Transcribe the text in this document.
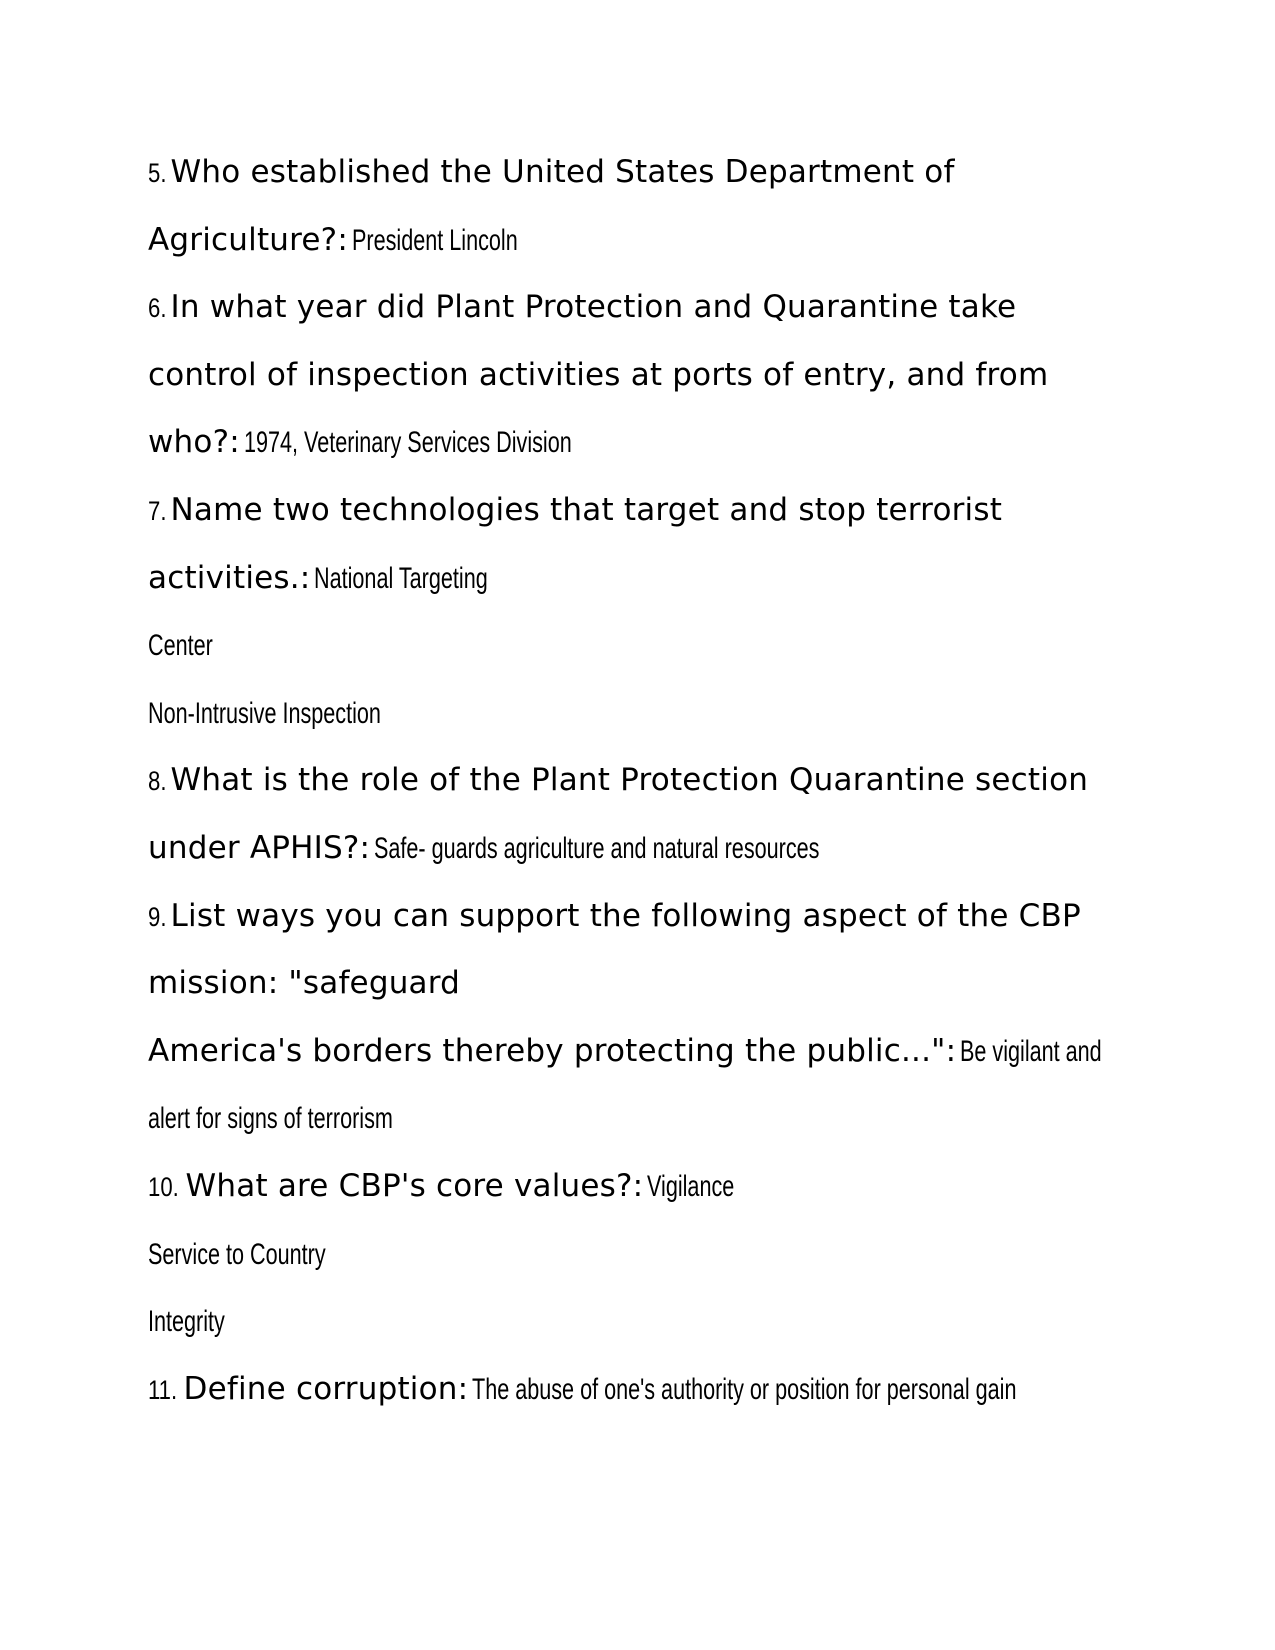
5. Who established the United States Department of
Agriculture?: President Lincoln
6. In what year did Plant Protection and Quarantine take
control of inspection activities at ports of entry, and from
who?: 1974, Veterinary Services Division
7. Name two technologies that target and stop terrorist
activities.: National Targeting
Center
Non-Intrusive Inspection
8. What is the role of the Plant Protection Quarantine section
under APHIS?: Safe- guards agriculture and natural resources
9. List ways you can support the following aspect of the CBP
mission: "safeguard
America's borders thereby protecting the public...": Be vigilant and
alert for signs of terrorism
10. What are CBP's core values?: Vigilance
Service to Country
Integrity
11. Define corruption: The abuse of one's authority or position for personal gain
